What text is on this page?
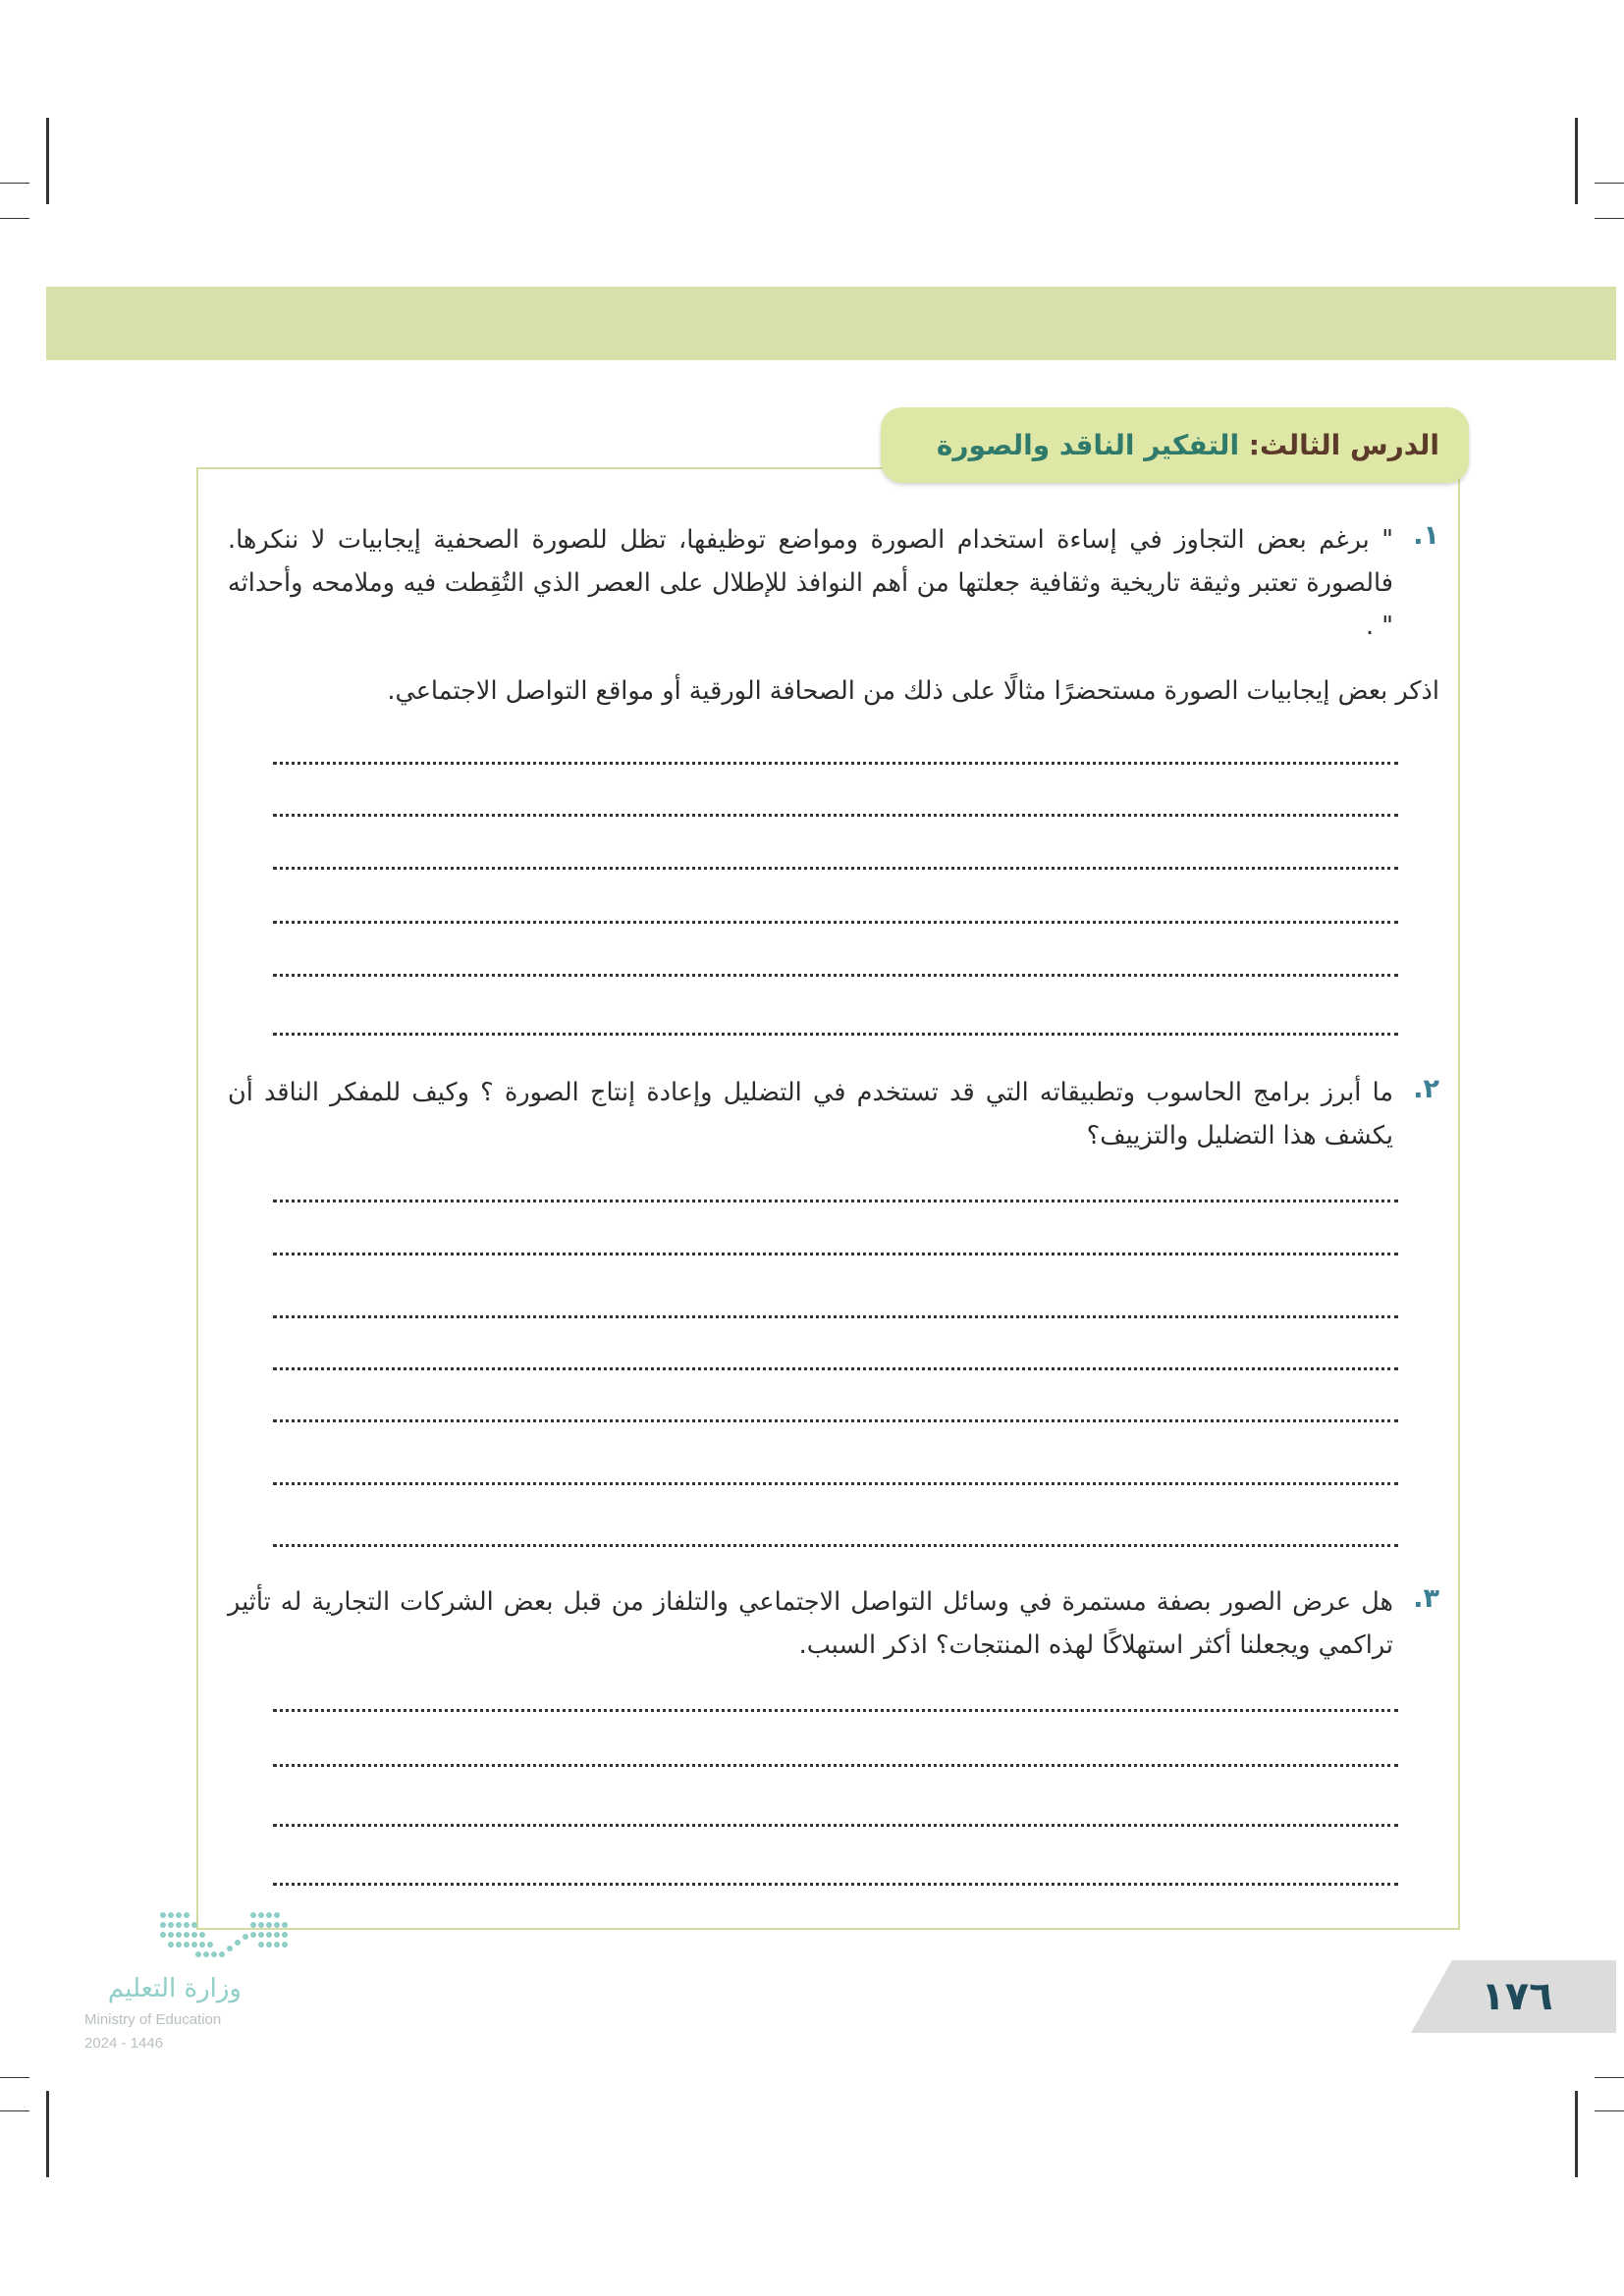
الدرس الثالث:

التفكير الناقد والصورة
١.
" برغم بعض التجاوز في إساءة استخدام الصورة ومواضع توظيفها، تظل للصورة الصحفية إيجابيات لا ننكرها. فالصورة تعتبر وثيقة تاريخية وثقافية جعلتها من أهم النوافذ للإطلال على العصر الذي التُقِطت فيه وملامحه وأحداثه " .
اذكر بعض إيجابيات الصورة مستحضرًا مثالًا على ذلك من الصحافة الورقية أو مواقع التواصل الاجتماعي.
٢.
ما أبرز برامج الحاسوب وتطبيقاته التي قد تستخدم في التضليل وإعادة إنتاج الصورة ؟ وكيف للمفكر الناقد أن يكشف هذا التضليل والتزييف؟
٣.
هل عرض الصور بصفة مستمرة في وسائل التواصل الاجتماعي والتلفاز من قبل بعض الشركات التجارية له تأثير تراكمي ويجعلنا أكثر استهلاكًا لهذه المنتجات؟ اذكر السبب.
وزارة التعليم
Ministry of Education
2024 - 1446
١٧٦
